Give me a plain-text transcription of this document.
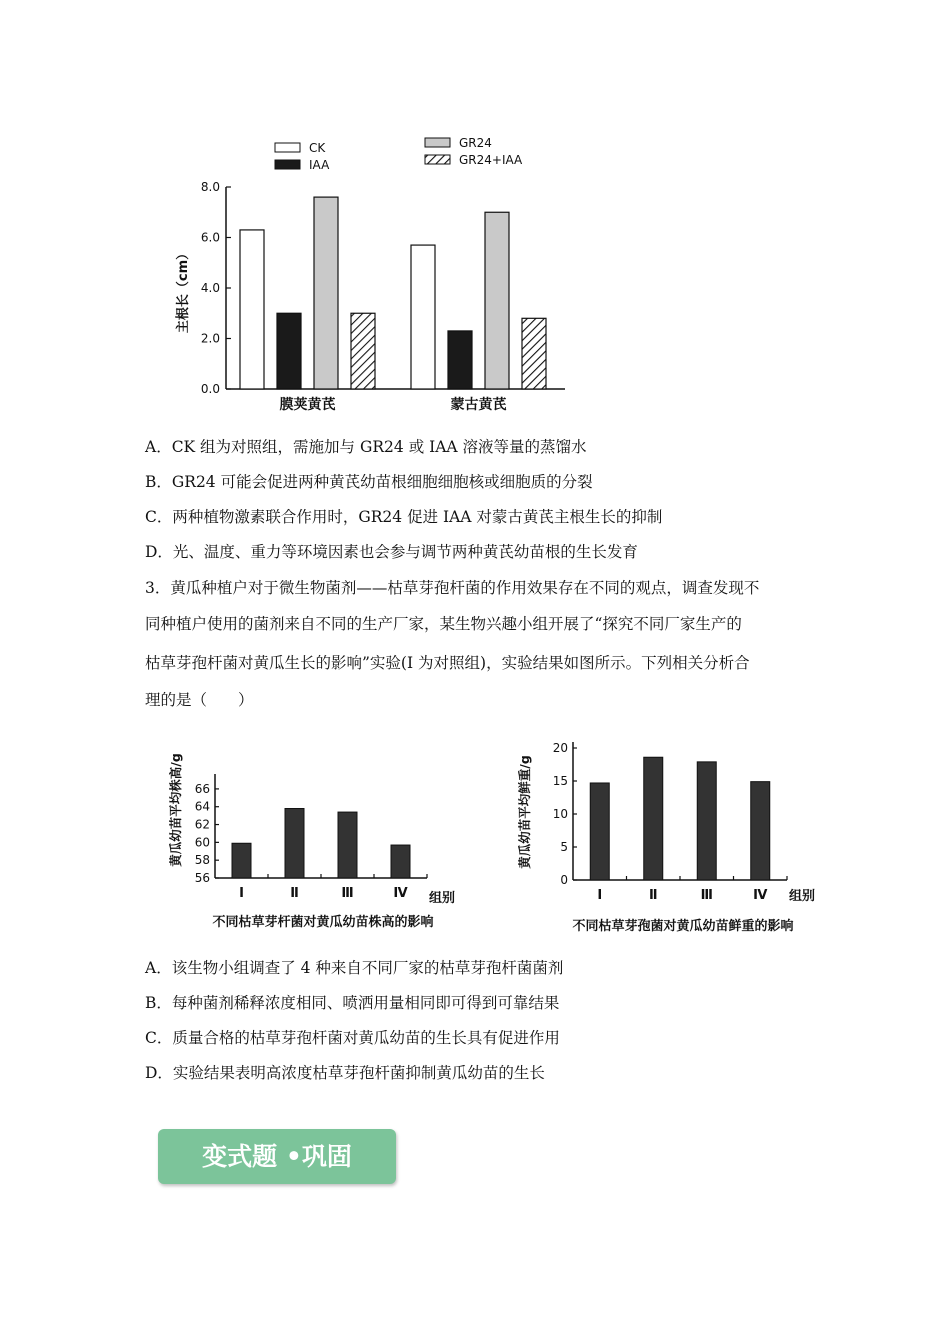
CK
IAA
GR24
GR24+IAA
主根长（cm）
0.0
2.0
4.0
6.0
8.0
膜荚黄芪	蒙古黄芪
A．CK 组为对照组，需施加与 GR24 或 IAA 溶液等量的蒸馏水
B．GR24 可能会促进两种黄芪幼苗根细胞细胞核或细胞质的分裂
C．两种植物激素联合作用时，GR24 促进 IAA 对蒙古黄芪主根生长的抑制
D．光、温度、重力等环境因素也会参与调节两种黄芪幼苗根的生长发育
3．黄瓜种植户对于微生物菌剂——枯草芽孢杆菌的作用效果存在不同的观点，调查发现不
同种植户使用的菌剂来自不同的生产厂家，某生物兴趣小组开展了“探究不同厂家生产的
枯草芽孢杆菌对黄瓜生长的影响”实验(I 为对照组)，实验结果如图所示。下列相关分析合
理的是（　　）
黄瓜幼苗平均株高/g
56
58
60
62
64
66
Ⅰ	Ⅱ	Ⅲ	Ⅳ 组别
不同枯草芽杆菌对黄瓜幼苗株高的影响
黄瓜幼苗平均鲜重/g
0
5
10
15
20
Ⅰ	Ⅱ	Ⅲ	Ⅳ 组别
不同枯草芽孢菌对黄瓜幼苗鲜重的影响
A．该生物小组调查了 4 种来自不同厂家的枯草芽孢杆菌菌剂
B．每种菌剂稀释浓度相同、喷洒用量相同即可得到可靠结果
C．质量合格的枯草芽孢杆菌对黄瓜幼苗的生长具有促进作用
D．实验结果表明高浓度枯草芽孢杆菌抑制黄瓜幼苗的生长
变式题 •巩固
